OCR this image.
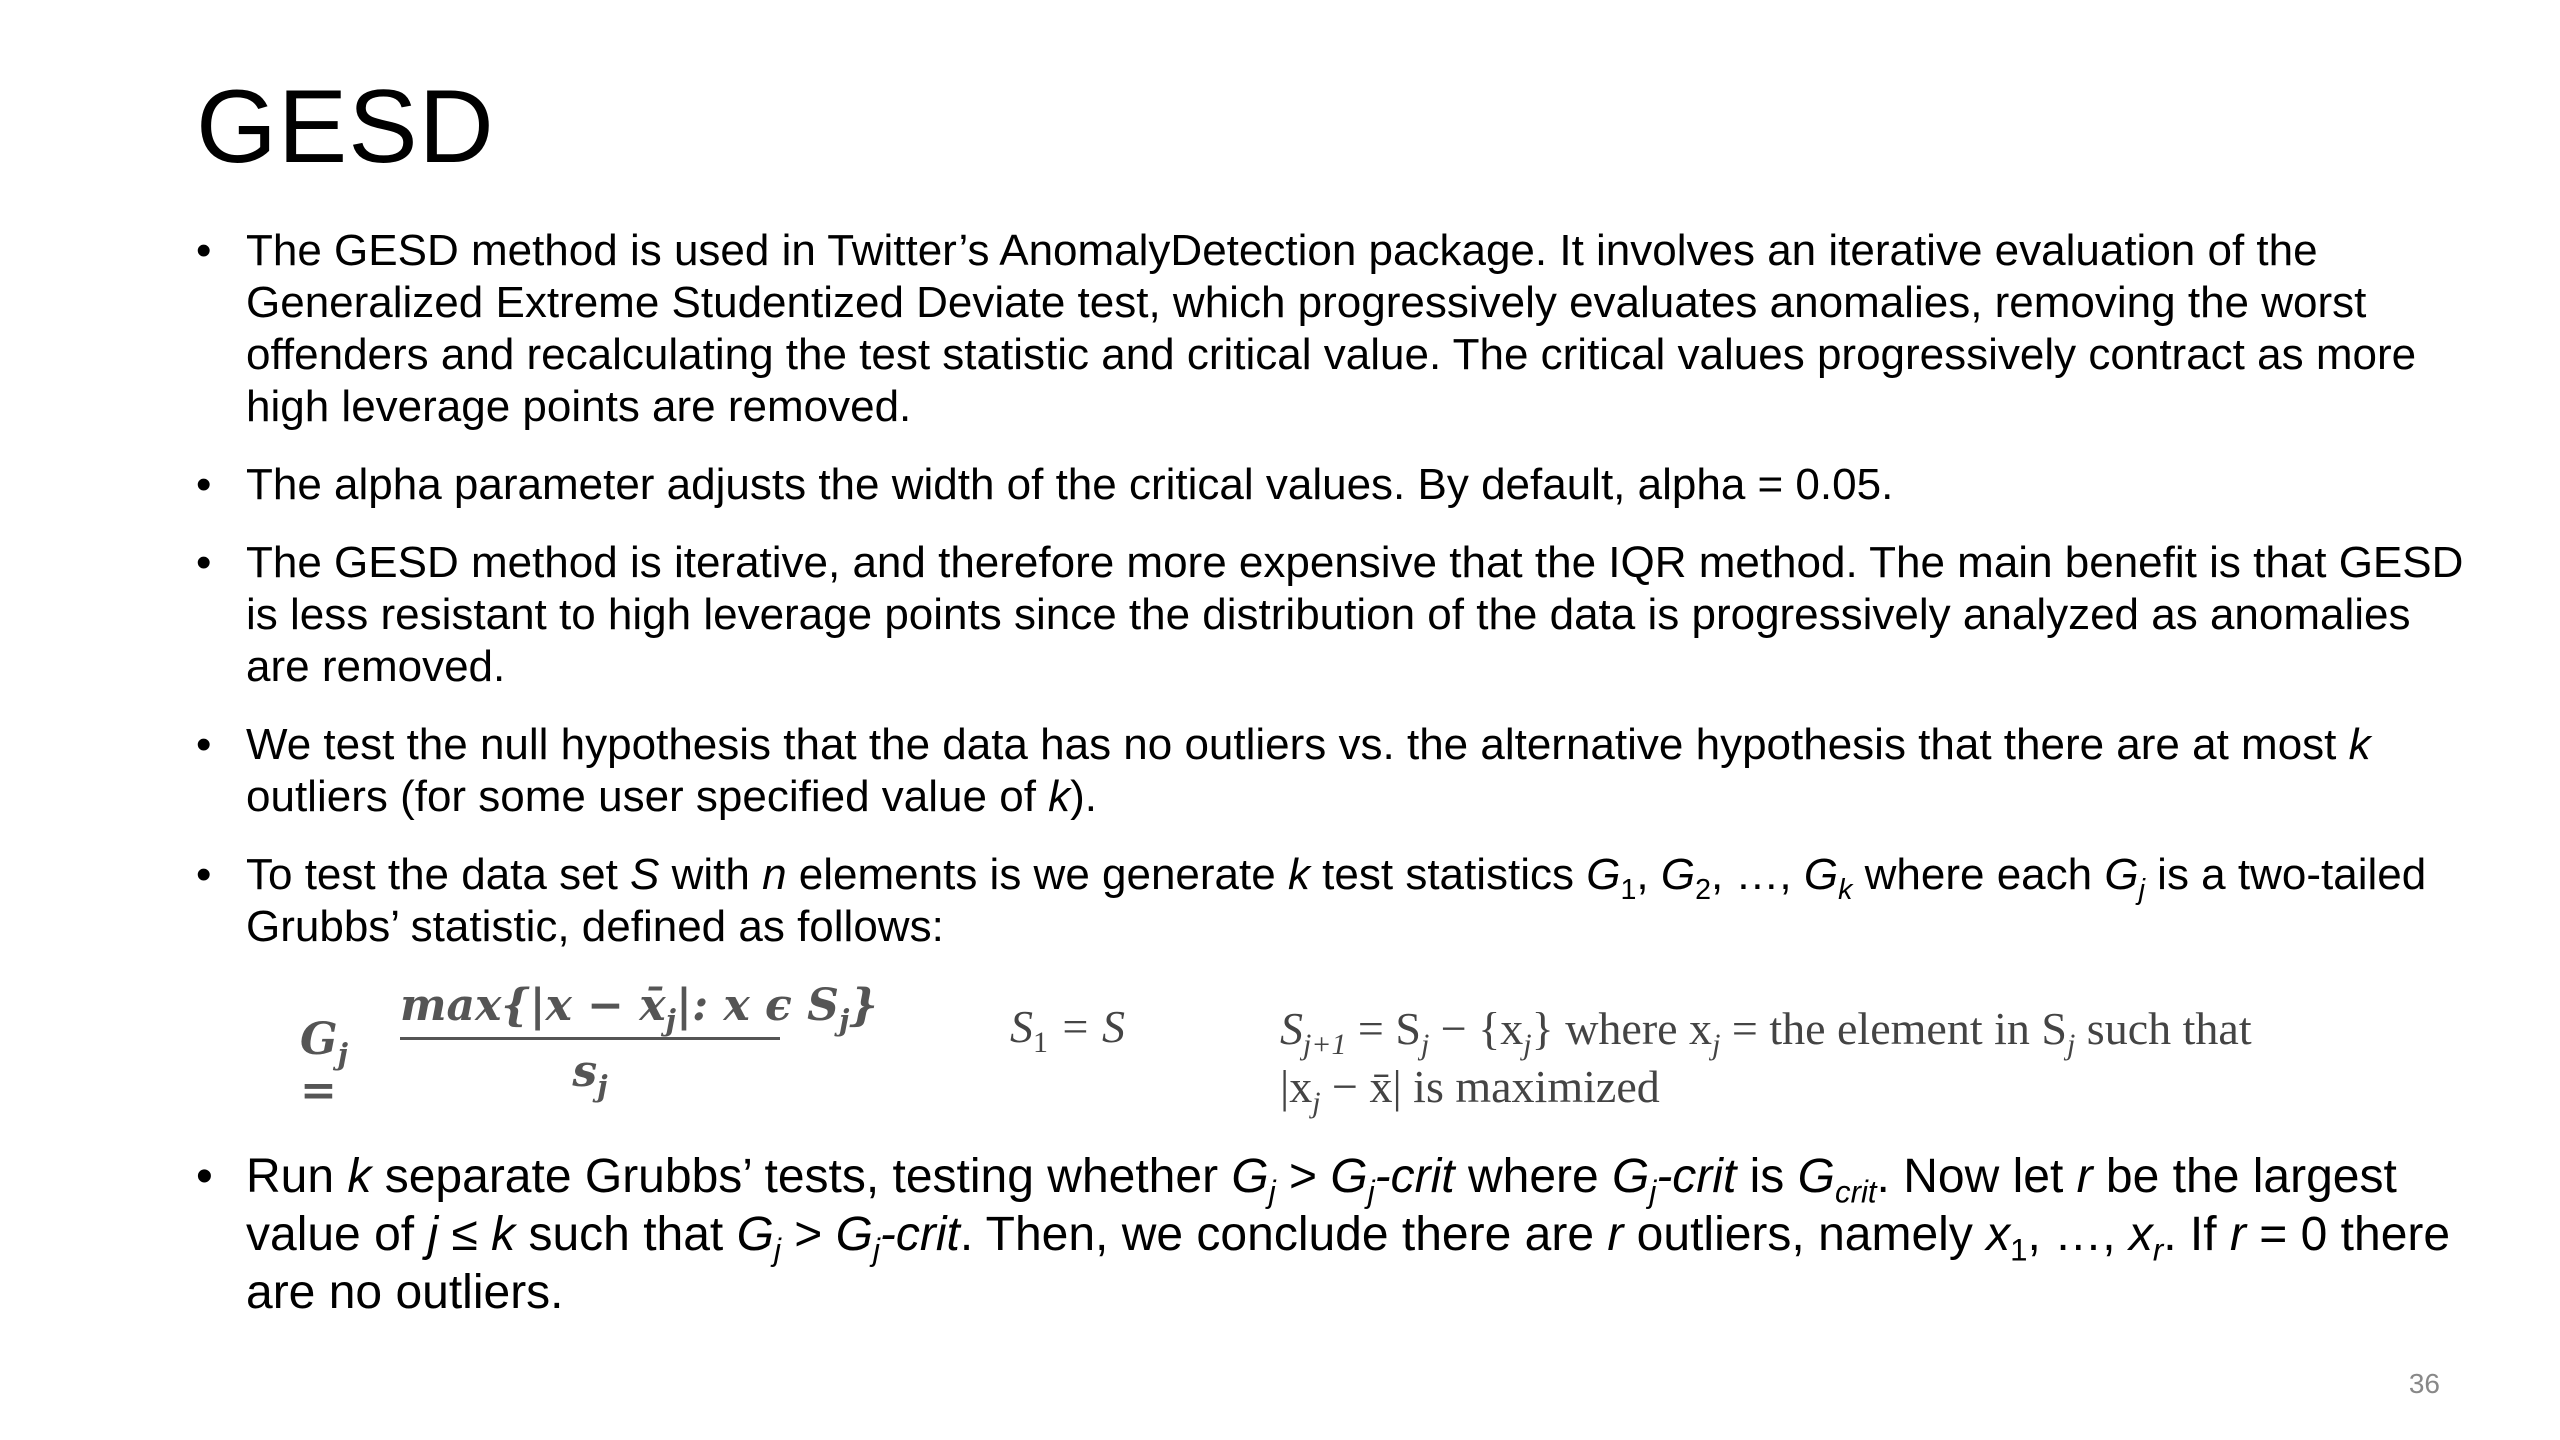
GESD
• The GESD method is used in Twitter’s AnomalyDetection package. It involves an iterative evaluation of the Generalized Extreme Studentized Deviate test, which progressively evaluates anomalies, removing the worst offenders and recalculating the test statistic and critical value. The critical values progressively contract as more high leverage points are removed.

• The alpha parameter adjusts the width of the critical values. By default, alpha = 0.05.

• The GESD method is iterative, and therefore more expensive that the IQR method. The main benefit is that GESD is less resistant to high leverage points since the distribution of the data is progressively analyzed as anomalies are removed.

• We test the null hypothesis that the data has no outliers vs. the alternative hypothesis that there are at most k outliers (for some user specified value of k).

• To test the data set S with n elements is we generate k test statistics $G_1$, $G_2$, …, $G_k$ where each $G_j$ is a two-tailed Grubbs’ statistic, defined as follows:

$G_j$ =
$\max\{|x - x̄_j|$: x ϵ $S_j$}
$s_j$
$S_1 = S$	$S_{j+1} = S_j - \{x_j\}$ where $x_j$ = the element in $S_j$ such that
$|x_j$ − x̄| is maximized
• Run k separate Grubbs’ tests, testing whether $G_j$ > $G_j$-crit where $G_j$-crit is $G_{crit}$. Now let r be the largest value of j ≤ k such that $G_j$ > $G_j$-crit. Then, we conclude there are r outliers, namely $x_1$, …, $x_r$. If r = 0 there are no outliers.

36
